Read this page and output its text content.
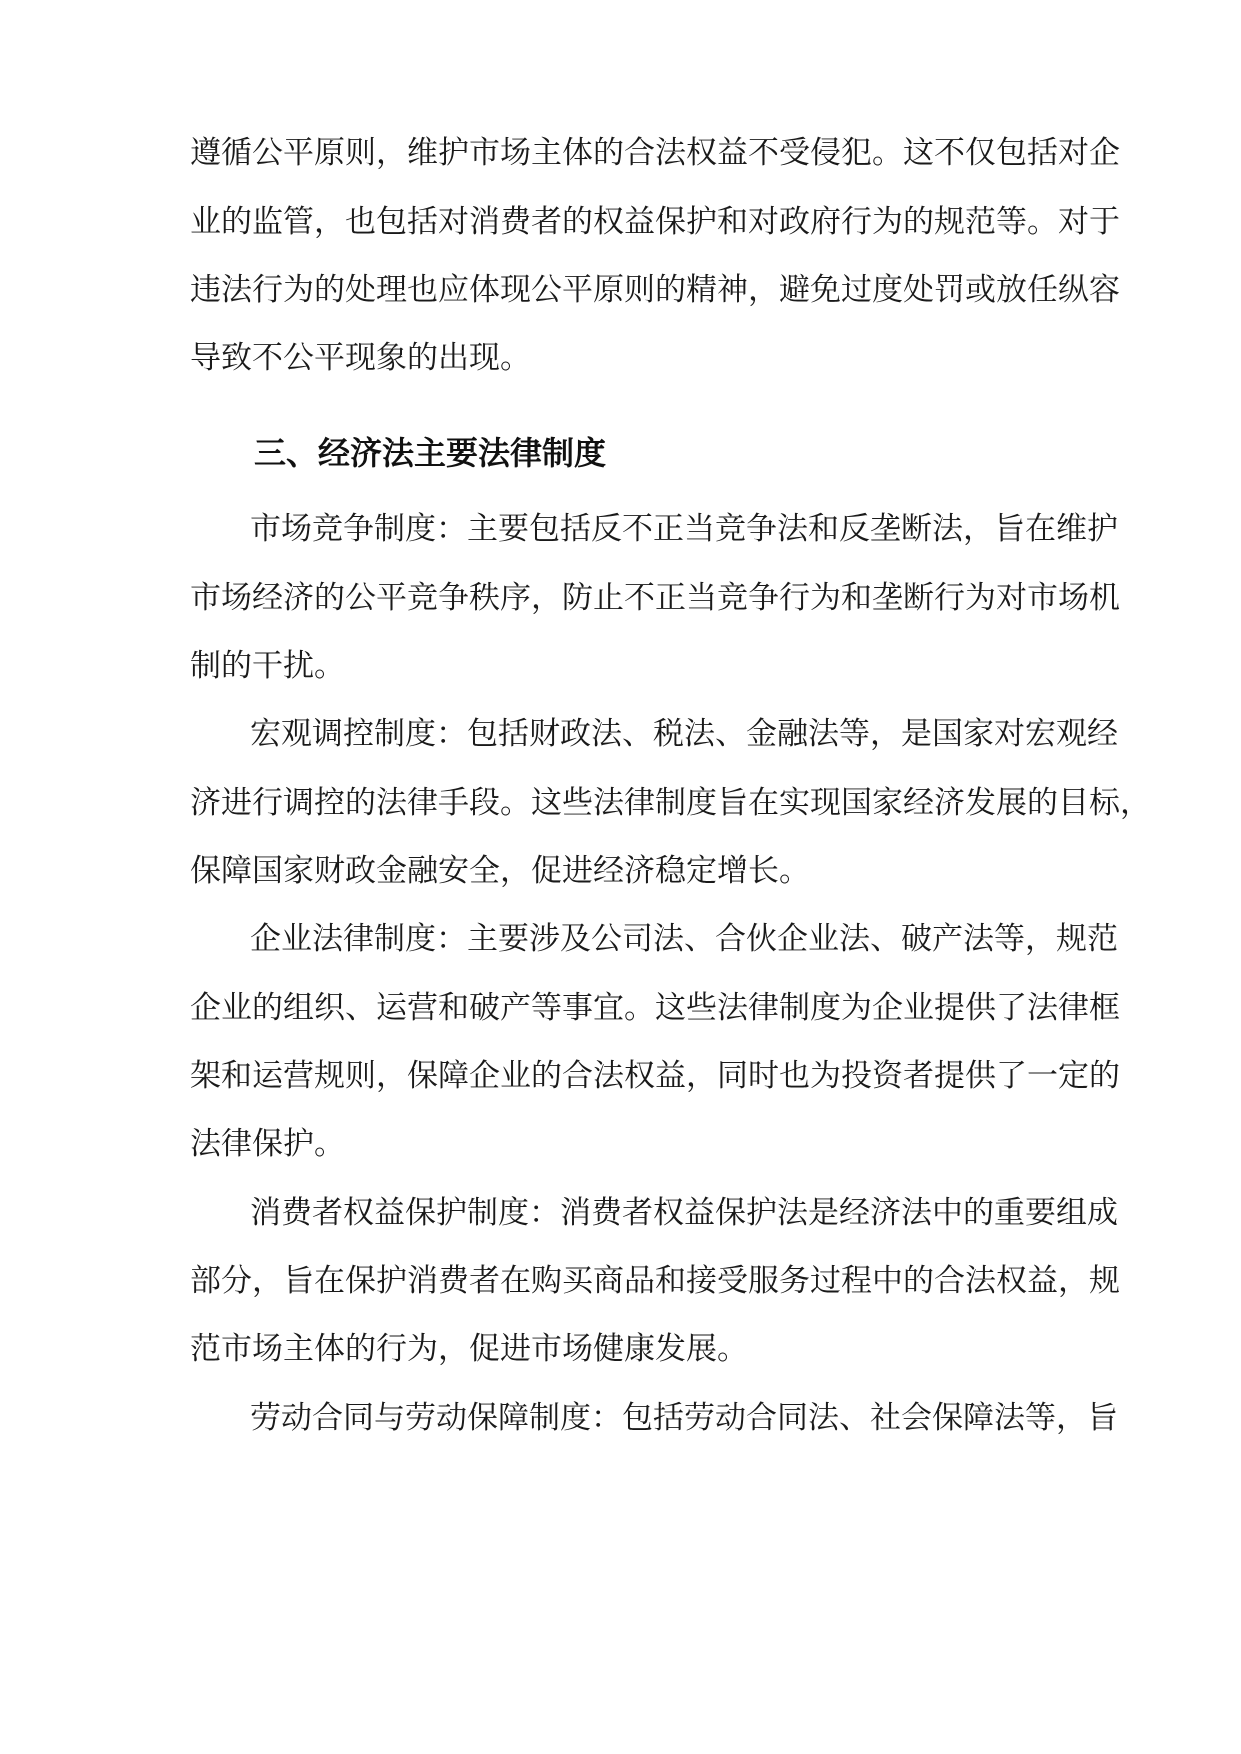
遵循公平原则，维护市场主体的合法权益不受侵犯。这不仅包括对企
业的监管，也包括对消费者的权益保护和对政府行为的规范等。对于
违法行为的处理也应体现公平原则的精神，避免过度处罚或放任纵容
导致不公平现象的出现。
三、经济法主要法律制度
市场竞争制度：主要包括反不正当竞争法和反垄断法，旨在维护
市场经济的公平竞争秩序，防止不正当竞争行为和垄断行为对市场机
制的干扰。
宏观调控制度：包括财政法、税法、金融法等，是国家对宏观经
济进行调控的法律手段。这些法律制度旨在实现国家经济发展的目标，
保障国家财政金融安全，促进经济稳定增长。
企业法律制度：主要涉及公司法、合伙企业法、破产法等，规范
企业的组织、运营和破产等事宜。这些法律制度为企业提供了法律框
架和运营规则，保障企业的合法权益，同时也为投资者提供了一定的
法律保护。
消费者权益保护制度：消费者权益保护法是经济法中的重要组成
部分，旨在保护消费者在购买商品和接受服务过程中的合法权益，规
范市场主体的行为，促进市场健康发展。
劳动合同与劳动保障制度：包括劳动合同法、社会保障法等，旨
